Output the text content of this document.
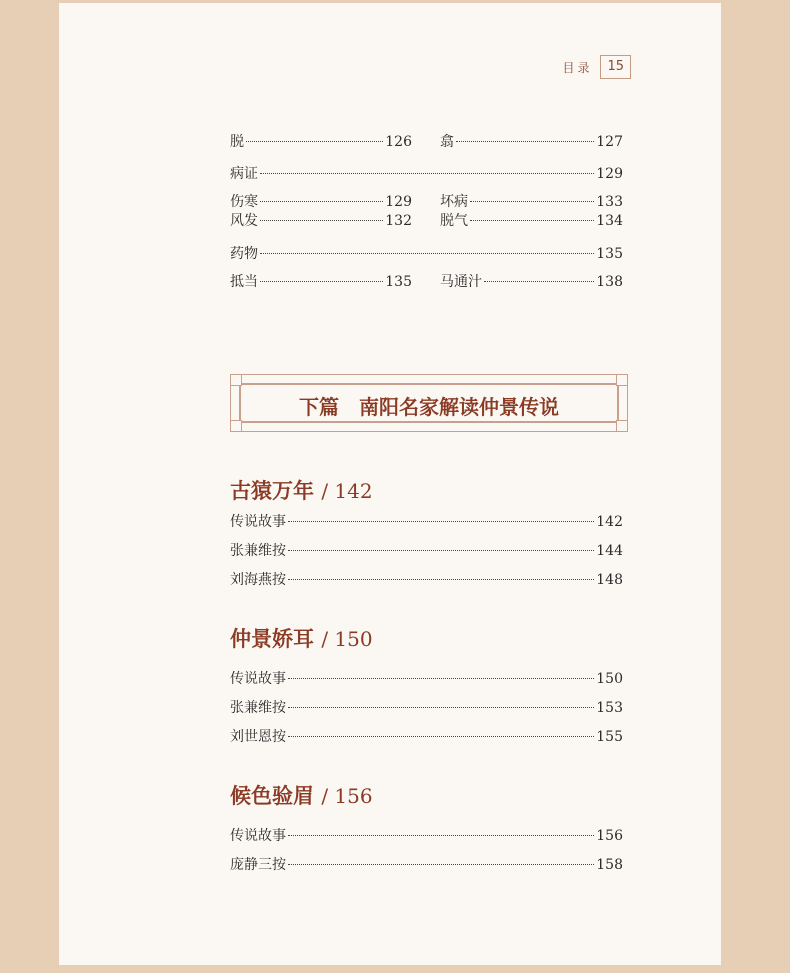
目录	15
脱	126 翕	127
病证	129
伤寒	129 坏病	133
风发	132 脱气	134
药物	135
抵当	135 马通汁	138
下篇　南阳名家解读仲景传说
古猿万年 / 142
传说故事	142
张兼维按	144
刘海燕按	148
仲景娇耳 / 150
传说故事	150
张兼维按	153
刘世恩按	155
候色验眉 / 156
传说故事	156
庞静三按	158
